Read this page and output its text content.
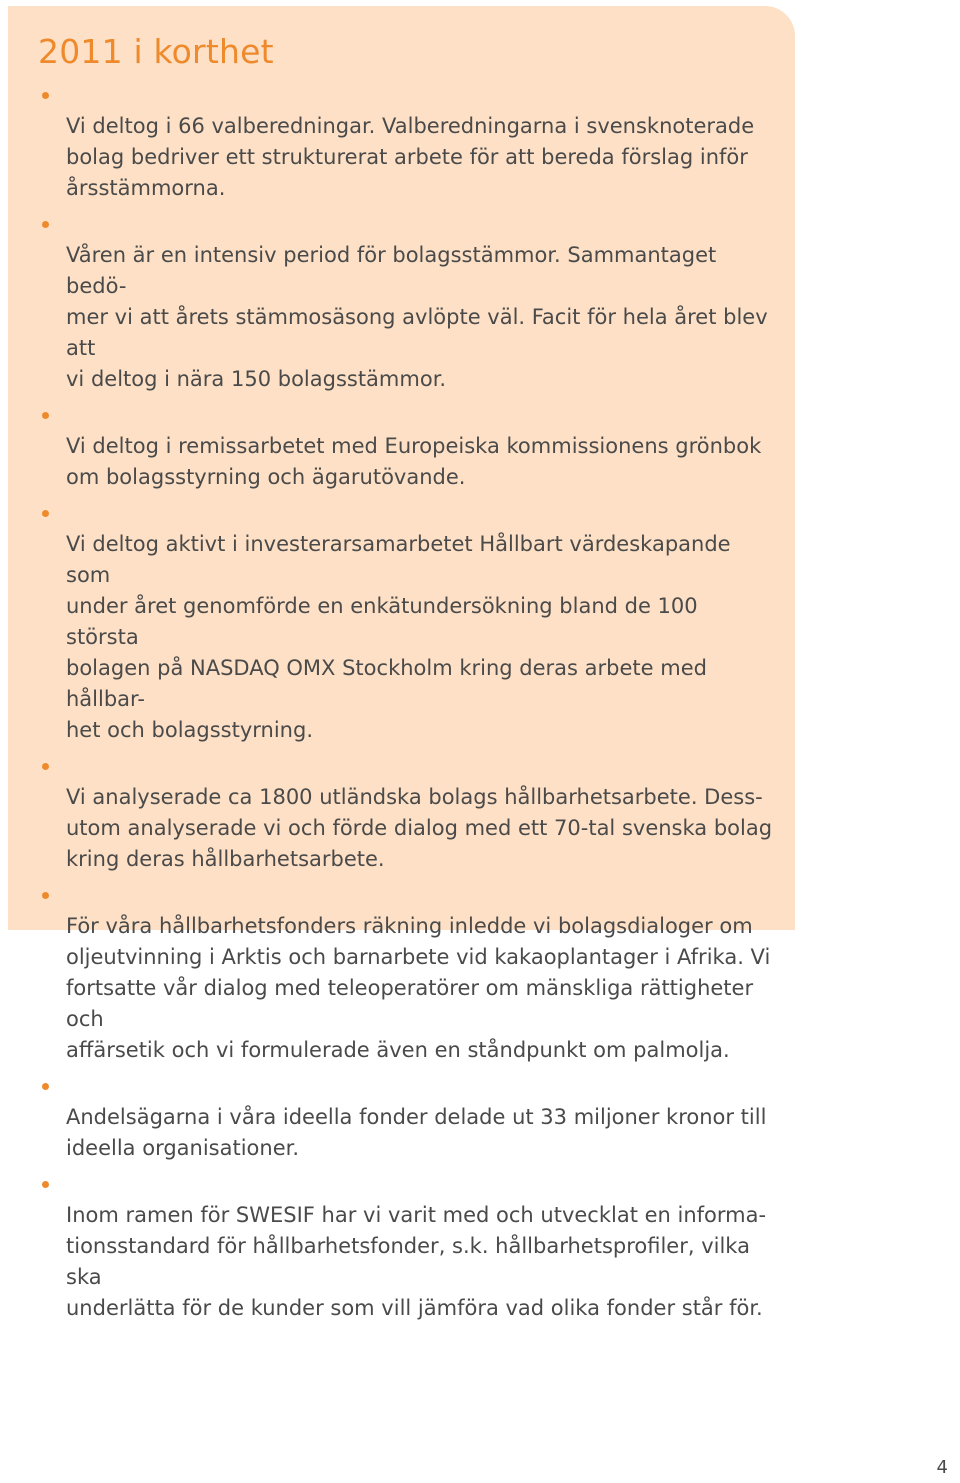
2011 i korthet

Vi deltog i 66 valberedningar. Valberedningarna i svensknoterade
bolag bedriver ett strukturerat arbete för att bereda förslag inför
årsstämmorna.

Våren är en intensiv period för bolagsstämmor. Sammantaget bedö-
mer vi att årets stämmosäsong avlöpte väl. Facit för hela året blev att
vi deltog i nära 150 bolagsstämmor.

Vi deltog i remissarbetet med Europeiska kommissionens grönbok
om bolagsstyrning och ägarutövande.

Vi deltog aktivt i investerarsamarbetet Hållbart värdeskapande som
under året genomförde en enkätundersökning bland de 100 största
bolagen på NASDAQ OMX Stockholm kring deras arbete med hållbar-
het och bolagsstyrning.

Vi analyserade ca 1800 utländska bolags hållbarhetsarbete. Dess-
utom analyserade vi och förde dialog med ett 70-tal svenska bolag
kring deras hållbarhetsarbete.

För våra hållbarhetsfonders räkning inledde vi bolagsdialoger om
oljeutvinning i Arktis och barnarbete vid kakaoplantager i Afrika. Vi
fortsatte vår dialog med teleoperatörer om mänskliga rättigheter och
affärsetik och vi formulerade även en ståndpunkt om palmolja.

Andelsägarna i våra ideella fonder delade ut 33 miljoner kronor till
ideella organisationer.

Inom ramen för SWESIF har vi varit med och utvecklat en informa-
tionsstandard för hållbarhetsfonder, s.k. hållbarhetsprofiler, vilka ska
underlätta för de kunder som vill jämföra vad olika fonder står för.

4
